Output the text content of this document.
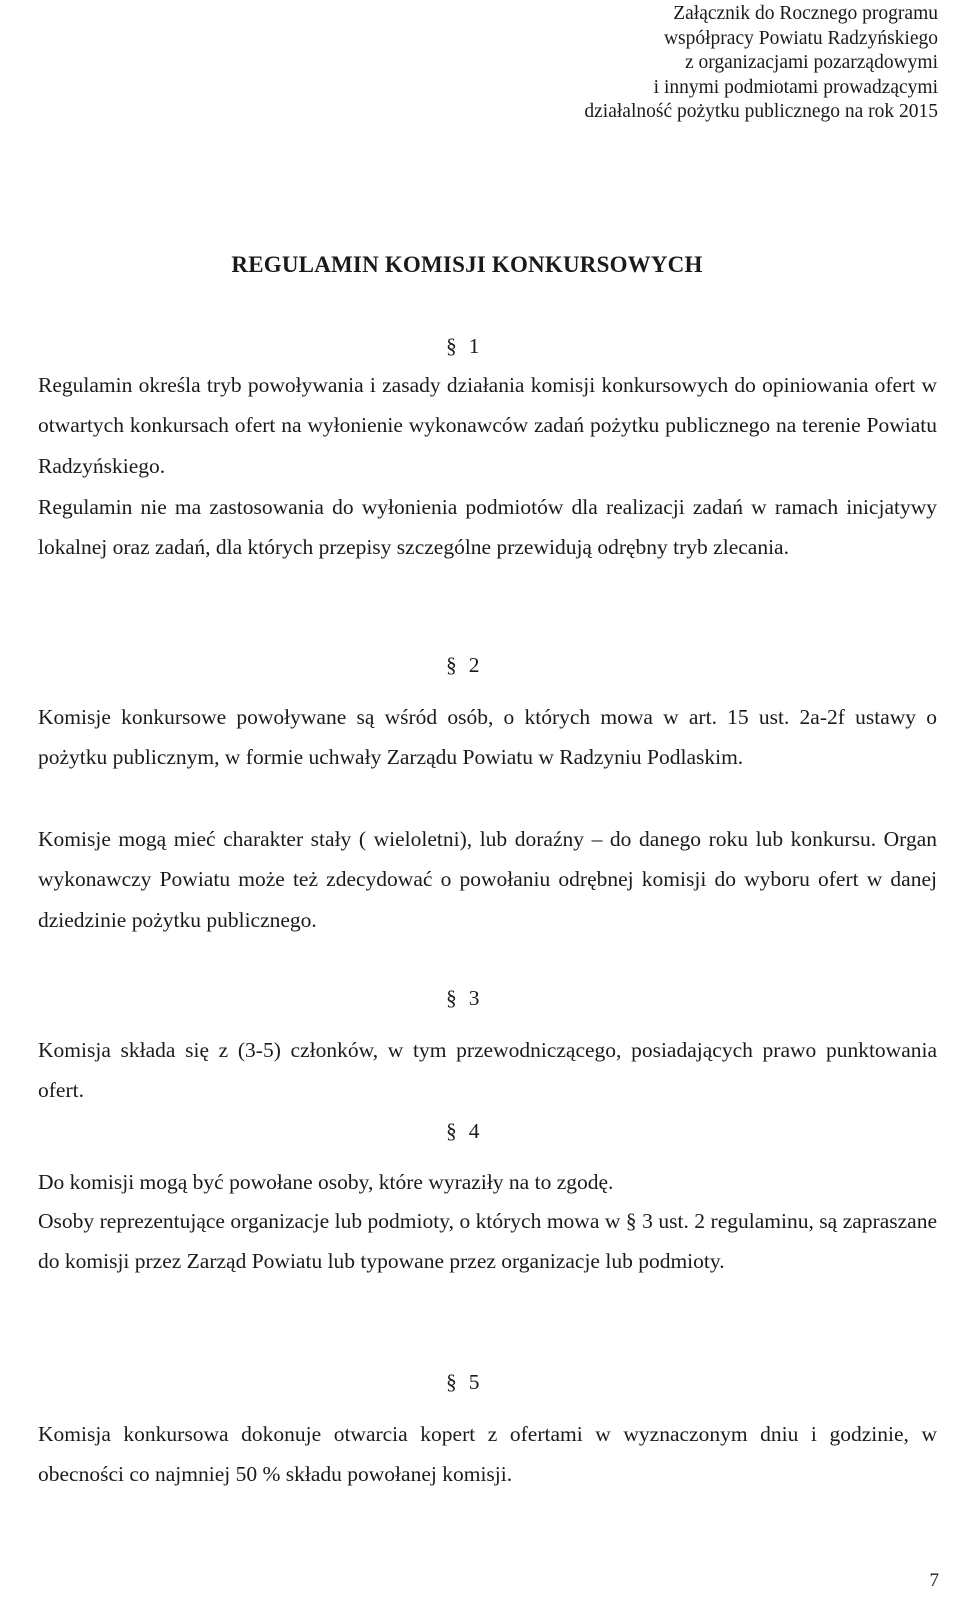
Załącznik do Rocznego programu
współpracy Powiatu Radzyńskiego
z organizacjami pozarządowymi
i innymi podmiotami prowadzącymi
działalność pożytku publicznego na rok 2015
REGULAMIN KOMISJI KONKURSOWYCH
§ 1
Regulamin określa tryb powoływania i zasady działania komisji konkursowych do opiniowania ofert w otwartych konkursach ofert na wyłonienie wykonawców zadań pożytku publicznego na terenie Powiatu Radzyńskiego.
Regulamin nie ma zastosowania do wyłonienia podmiotów dla realizacji zadań w ramach inicjatywy lokalnej oraz zadań, dla których przepisy szczególne przewidują odrębny tryb zlecania.
§ 2
Komisje konkursowe powoływane są wśród osób, o których mowa w art. 15 ust. 2a-2f ustawy o pożytku publicznym, w formie uchwały Zarządu Powiatu w Radzyniu Podlaskim.
Komisje mogą mieć charakter stały ( wieloletni), lub doraźny – do danego roku lub konkursu. Organ wykonawczy Powiatu może też zdecydować o powołaniu odrębnej komisji do wyboru ofert w danej dziedzinie pożytku publicznego.
§ 3
Komisja składa się z (3-5) członków, w tym przewodniczącego, posiadających prawo punktowania ofert.
§ 4
Do komisji mogą być powołane osoby, które wyraziły na to zgodę.
Osoby reprezentujące organizacje lub podmioty, o których mowa w § 3 ust. 2 regulaminu, są zapraszane do komisji przez Zarząd Powiatu lub typowane przez organizacje lub podmioty.
§ 5
Komisja konkursowa dokonuje otwarcia kopert z ofertami w wyznaczonym dniu i godzinie, w obecności co najmniej 50 % składu powołanej komisji.
7
